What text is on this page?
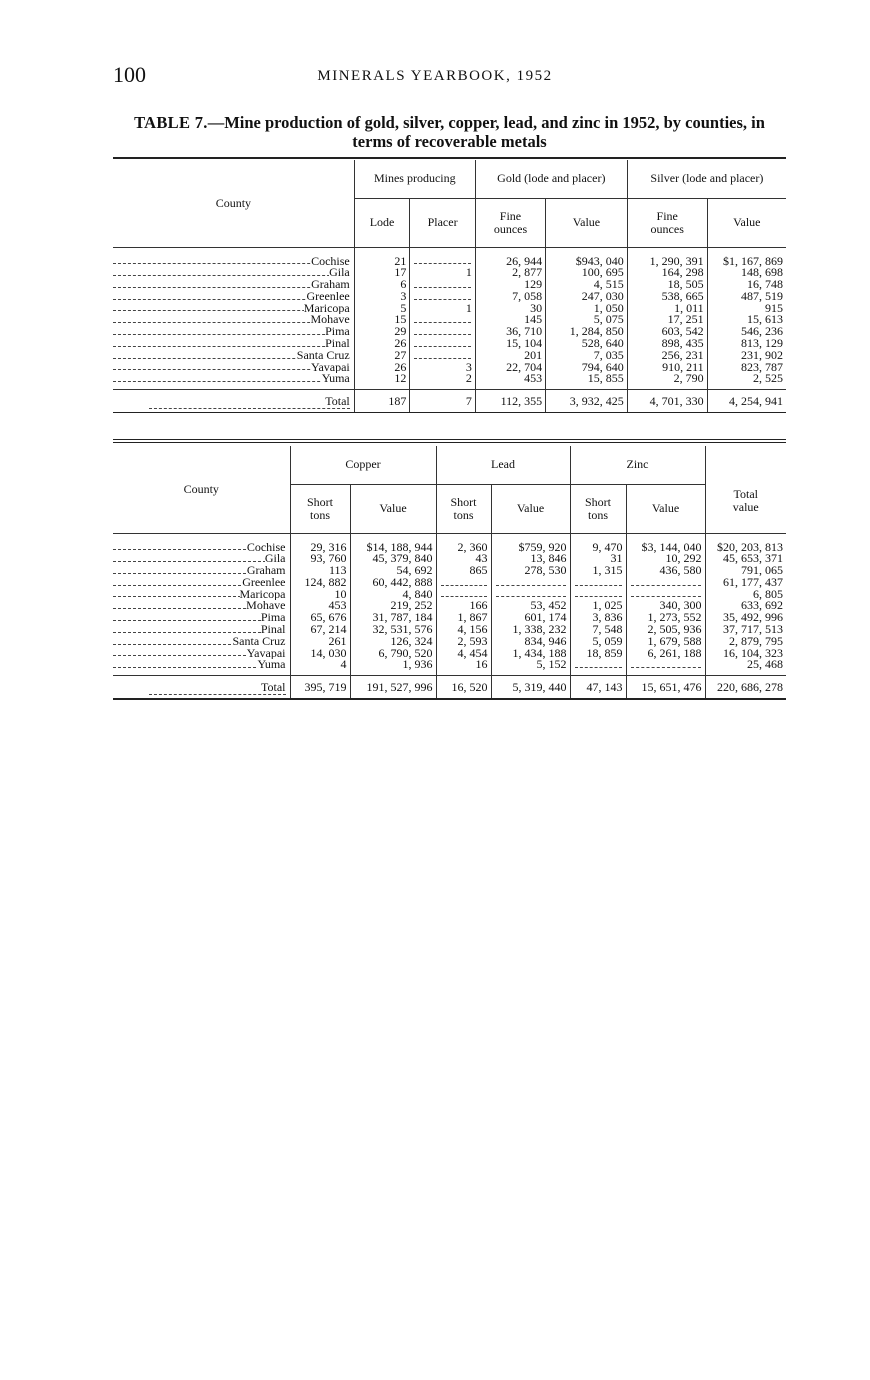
100	MINERALS YEARBOOK, 1952
TABLE 7.—Mine production of gold, silver, copper, lead, and zinc in 1952, by counties, in terms of recoverable metals
County	Mines producing		Gold (lode and placer)		Silver (lode and placer)	
	Lode	Placer	Fine ounces	Value	Fine ounces	Value

Cochise	21		26, 944	$943, 040	1, 290, 391	$1, 167, 869
Gila	17	1	2, 877	100, 695	164, 298	148, 698
Graham	6		129	4, 515	18, 505	16, 748
Greenlee	3		7, 058	247, 030	538, 665	487, 519
Maricopa	5	1	30	1, 050	1, 011	915
Mohave	15		145	5, 075	17, 251	15, 613
Pima	29		36, 710	1, 284, 850	603, 542	546, 236
Pinal	26		15, 104	528, 640	898, 435	813, 129
Santa Cruz	27		201	7, 035	256, 231	231, 902
Yavapai	26	3	22, 704	794, 640	910, 211	823, 787
Yuma	12	2	453	15, 855	2, 790	2, 525

Total	187	7	112, 355	3, 932, 425	4, 701, 330	4, 254, 941
County	Copper		Lead		Zinc		Total value
	Short tons	Value	Short tons	Value	Short tons	Value	

Cochise	29, 316	$14, 188, 944	2, 360	$759, 920	9, 470	$3, 144, 040	$20, 203, 813
Gila	93, 760	45, 379, 840	43	13, 846	31	10, 292	45, 653, 371
Graham	113	54, 692	865	278, 530	1, 315	436, 580	791, 065
Greenlee	124, 882	60, 442, 888					61, 177, 437
Maricopa	10	4, 840					6, 805
Mohave	453	219, 252	166	53, 452	1, 025	340, 300	633, 692
Pima	65, 676	31, 787, 184	1, 867	601, 174	3, 836	1, 273, 552	35, 492, 996
Pinal	67, 214	32, 531, 576	4, 156	1, 338, 232	7, 548	2, 505, 936	37, 717, 513
Santa Cruz	261	126, 324	2, 593	834, 946	5, 059	1, 679, 588	2, 879, 795
Yavapai	14, 030	6, 790, 520	4, 454	1, 434, 188	18, 859	6, 261, 188	16, 104, 323
Yuma	4	1, 936	16	5, 152			25, 468

Total	395, 719	191, 527, 996	16, 520	5, 319, 440	47, 143	15, 651, 476	220, 686, 278
